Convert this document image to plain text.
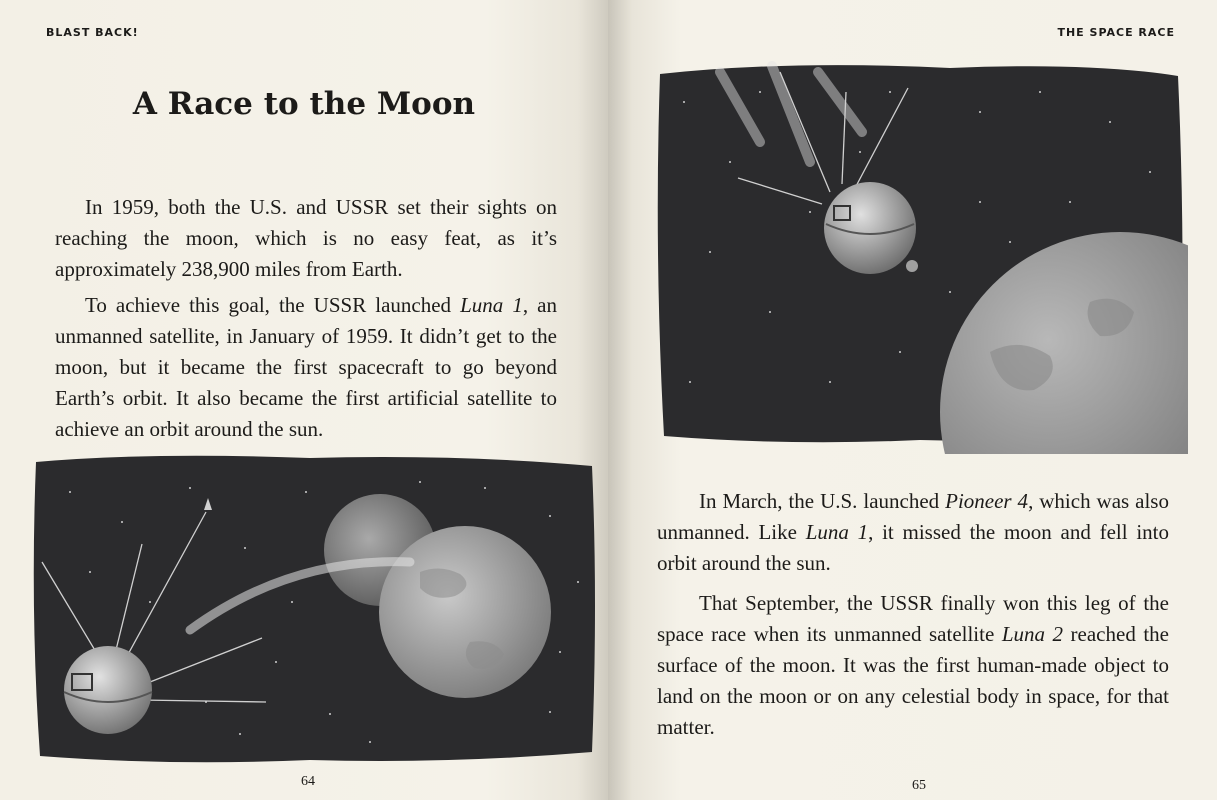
BLAST BACK!
A Race to the Moon

In 1959, both the U.S. and USSR set their sights on reaching the moon, which is no easy feat, as it’s approximately 238,900 miles from Earth.

To achieve this goal, the USSR launched Luna 1, an unmanned satellite, in January of 1959. It didn’t get to the moon, but it became the first spacecraft to go beyond Earth’s orbit. It also became the first artificial satellite to achieve an orbit around the sun.

64
THE SPACE RACE

In March, the U.S. launched Pioneer 4, which was also unmanned. Like Luna 1, it missed the moon and fell into orbit around the sun.

That September, the USSR finally won this leg of the space race when its unmanned satellite Luna 2 reached the surface of the moon. It was the first human-made object to land on the moon or on any celestial body in space, for that matter.

65
